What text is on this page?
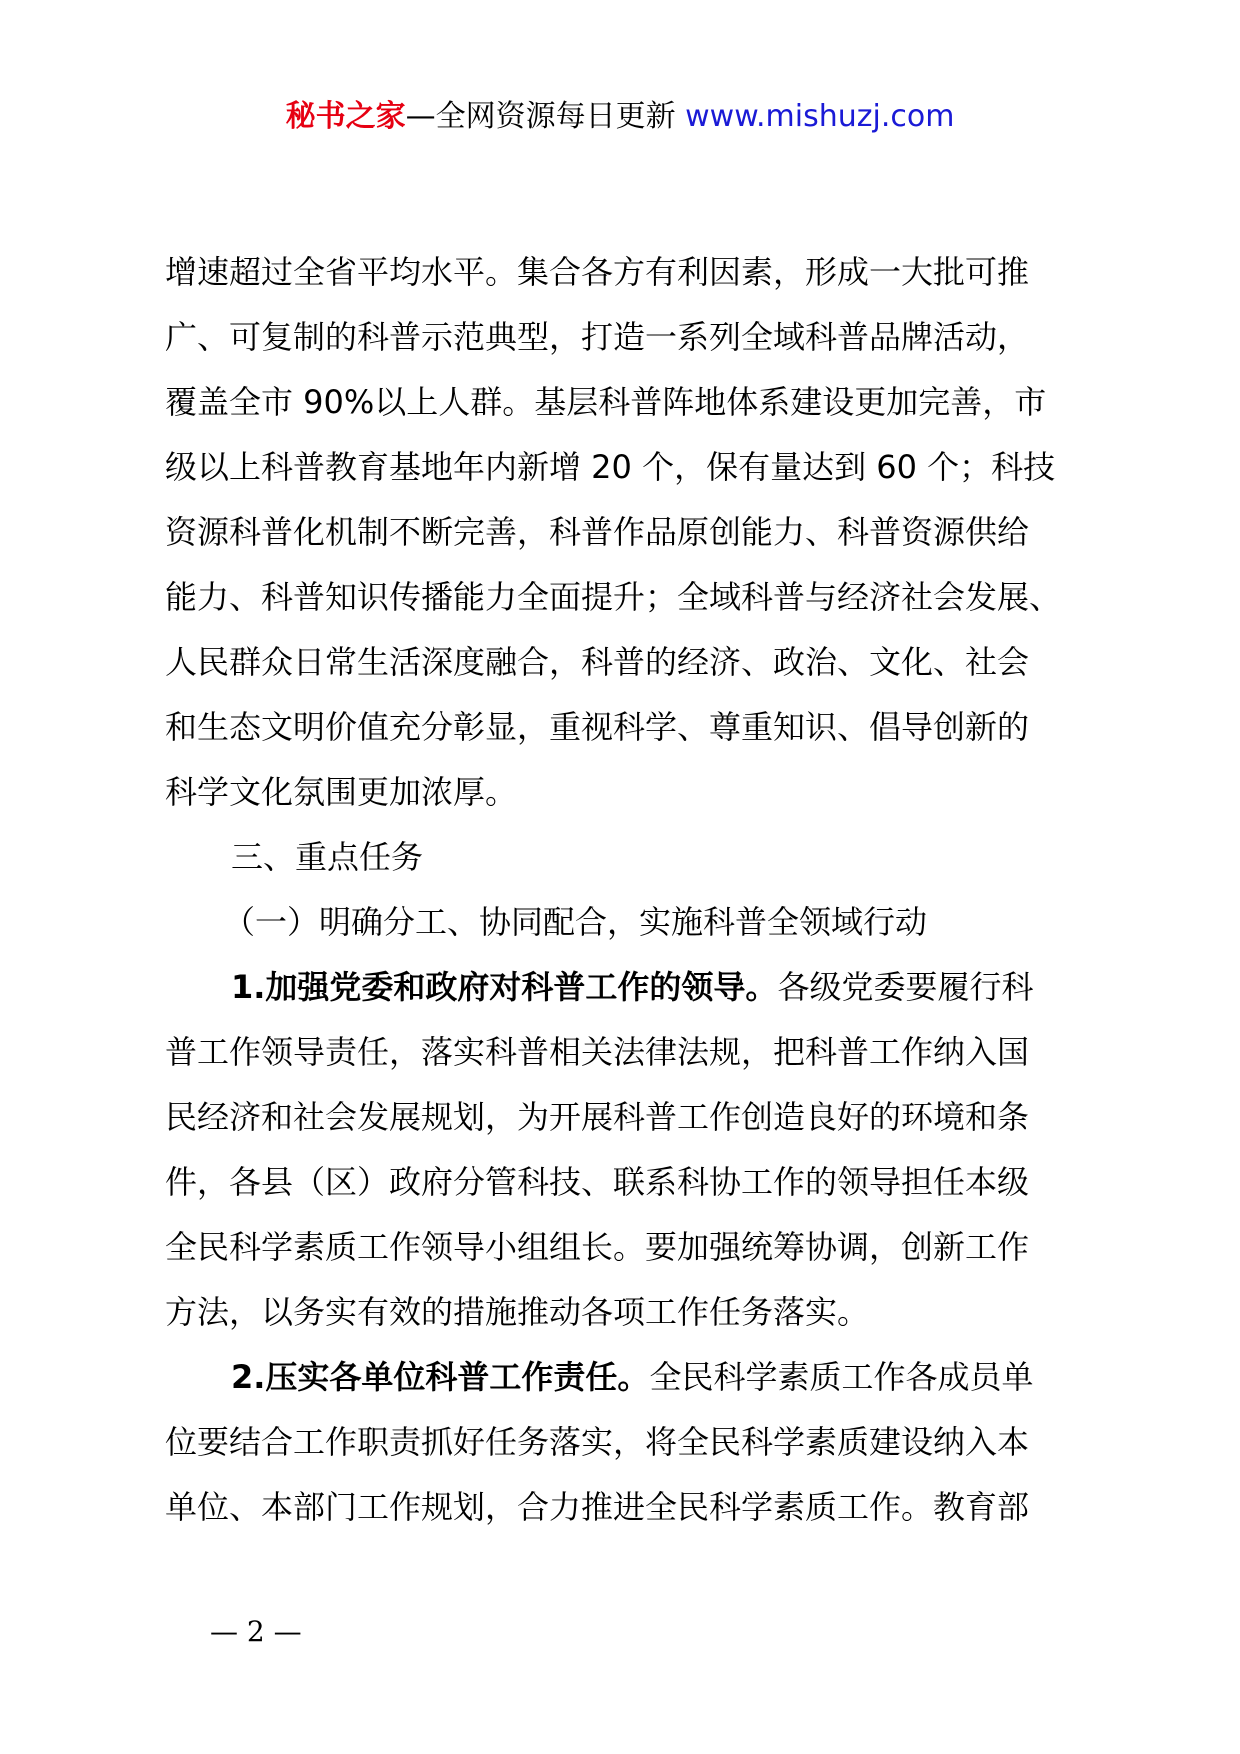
秘书之家—全网资源每日更新 www.mishuzj.com
增速超过全省平均水平。集合各方有利因素，形成一大批可推
广、可复制的科普示范典型，打造一系列全域科普品牌活动，
覆盖全市 90%以上人群。基层科普阵地体系建设更加完善，市
级以上科普教育基地年内新增 20 个，保有量达到 60 个；科技
资源科普化机制不断完善，科普作品原创能力、科普资源供给
能力、科普知识传播能力全面提升；全域科普与经济社会发展、
人民群众日常生活深度融合，科普的经济、政治、文化、社会
和生态文明价值充分彰显，重视科学、尊重知识、倡导创新的
科学文化氛围更加浓厚。
三、重点任务
（一）明确分工、协同配合，实施科普全领域行动
1.加强党委和政府对科普工作的领导。各级党委要履行科
普工作领导责任，落实科普相关法律法规，把科普工作纳入国
民经济和社会发展规划，为开展科普工作创造良好的环境和条
件，各县（区）政府分管科技、联系科协工作的领导担任本级
全民科学素质工作领导小组组长。要加强统筹协调，创新工作
方法，以务实有效的措施推动各项工作任务落实。
2.压实各单位科普工作责任。全民科学素质工作各成员单
位要结合工作职责抓好任务落实，将全民科学素质建设纳入本
单位、本部门工作规划，合力推进全民科学素质工作。教育部
— 2 —
